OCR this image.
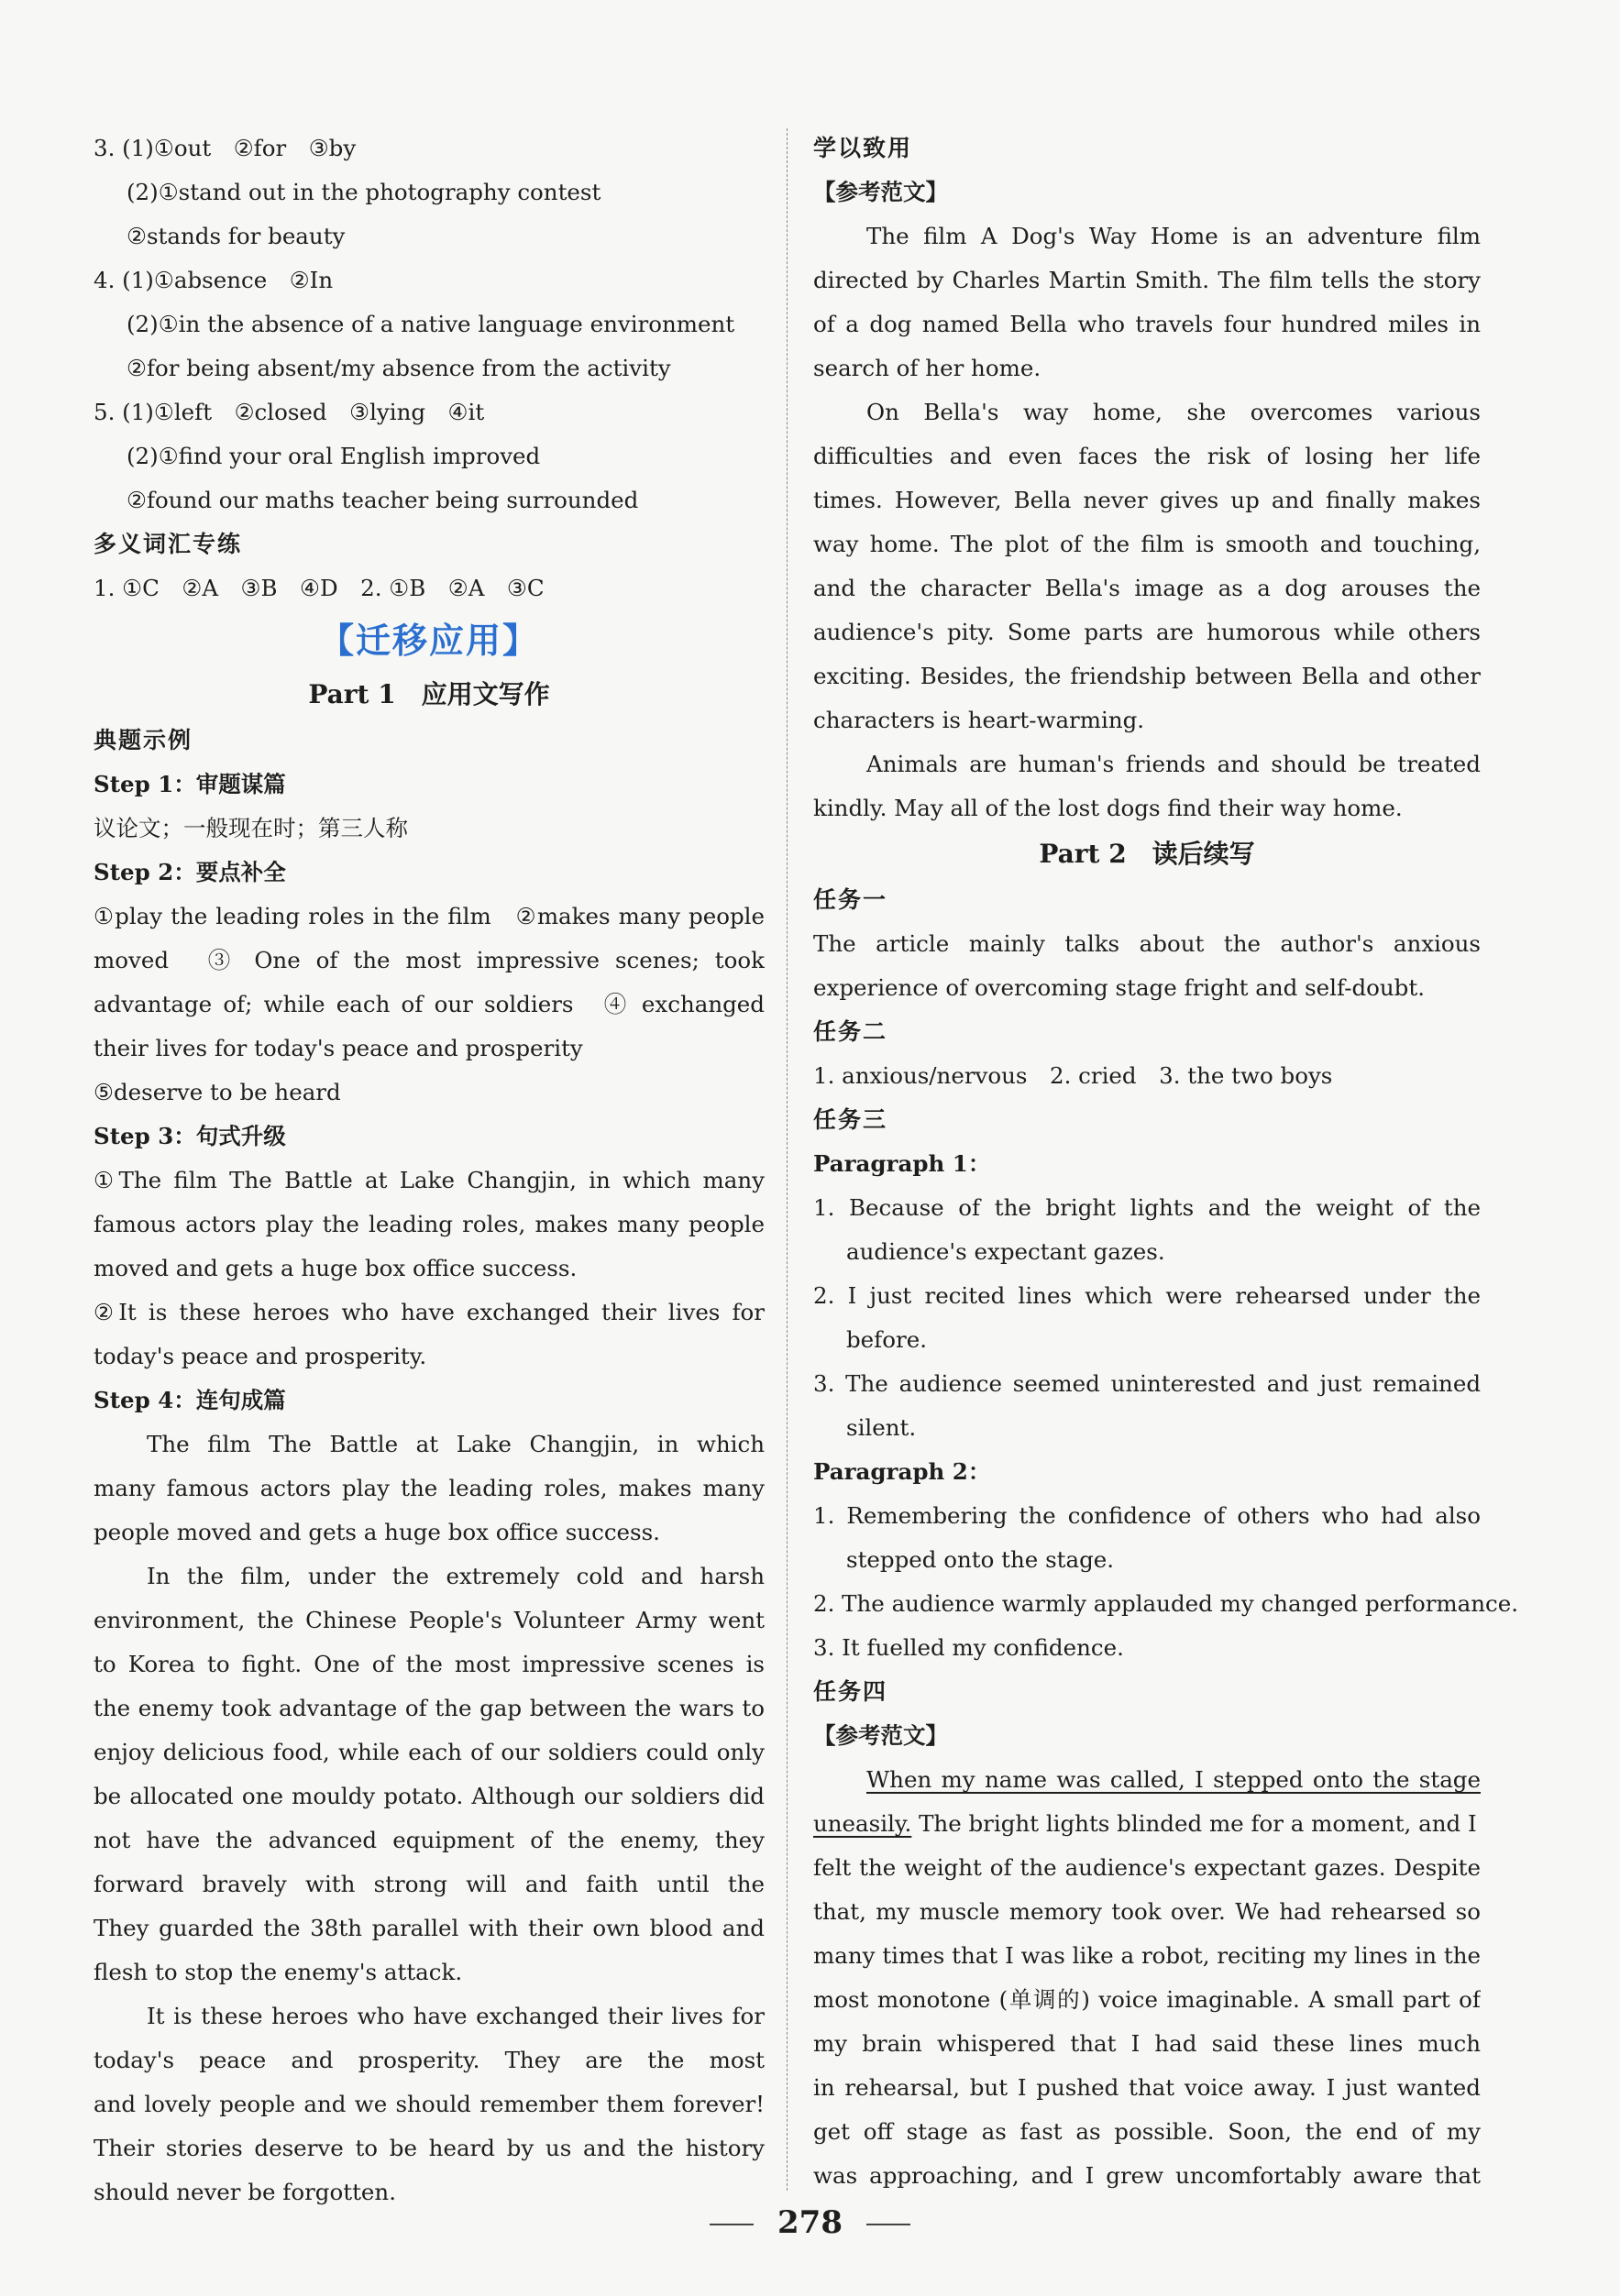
3. (1)①out　②for　③by
(2)①stand out in the photography contest
②stands for beauty
4. (1)①absence　②In
(2)①in the absence of a native language environment
②for being absent/my absence from the activity
5. (1)①left　②closed　③lying　④it
(2)①find your oral English improved
②found our maths teacher being surrounded
多义词汇专练
1. ①C　②A　③B　④D　2. ①B　②A　③C
【迁移应用】
Part 1　应用文写作
典题示例
Step 1：审题谋篇
议论文；一般现在时；第三人称
Step 2：要点补全
①play the leading roles in the film　②makes many people
moved　③ One of the most impressive scenes; took
advantage of; while each of our soldiers　④ exchanged
their lives for today's peace and prosperity
⑤deserve to be heard
Step 3：句式升级
①The film The Battle at Lake Changjin, in which many
famous actors play the leading roles, makes many people
moved and gets a huge box office success.
②It is these heroes who have exchanged their lives for
today's peace and prosperity.
Step 4：连句成篇
The film The Battle at Lake Changjin, in which
many famous actors play the leading roles, makes many
people moved and gets a huge box office success.
In the film, under the extremely cold and harsh
environment, the Chinese People's Volunteer Army went
to Korea to fight. One of the most impressive scenes is
the enemy took advantage of the gap between the wars to
enjoy delicious food, while each of our soldiers could only
be allocated one mouldy potato. Although our soldiers did
not have the advanced equipment of the enemy, they
forward bravely with strong will and faith until the
They guarded the 38th parallel with their own blood and
flesh to stop the enemy's attack.
It is these heroes who have exchanged their lives for
today's peace and prosperity. They are the most
and lovely people and we should remember them forever!
Their stories deserve to be heard by us and the history
should never be forgotten.
学以致用
【参考范文】
The film A Dog's Way Home is an adventure film
directed by Charles Martin Smith. The film tells the story
of a dog named Bella who travels four hundred miles in
search of her home.
On Bella's way home, she overcomes various
difficulties and even faces the risk of losing her life
times. However, Bella never gives up and finally makes
way home. The plot of the film is smooth and touching,
and the character Bella's image as a dog arouses the
audience's pity. Some parts are humorous while others
exciting. Besides, the friendship between Bella and other
characters is heart-warming.
Animals are human's friends and should be treated
kindly. May all of the lost dogs find their way home.
Part 2　读后续写
任务一
The article mainly talks about the author's anxious
experience of overcoming stage fright and self-doubt.
任务二
1. anxious/nervous　2. cried　3. the two boys
任务三
Paragraph 1：
1. Because of the bright lights and the weight of the
audience's expectant gazes.
2. I just recited lines which were rehearsed under the
before.
3. The audience seemed uninterested and just remained
silent.
Paragraph 2：
1. Remembering the confidence of others who had also
stepped onto the stage.
2. The audience warmly applauded my changed performance.
3. It fuelled my confidence.
任务四
【参考范文】
When my name was called, I stepped onto the stage
uneasily. The bright lights blinded me for a moment, and I
felt the weight of the audience's expectant gazes. Despite
that, my muscle memory took over. We had rehearsed so
many times that I was like a robot, reciting my lines in the
most monotone (单调的) voice imaginable. A small part of
my brain whispered that I had said these lines much
in rehearsal, but I pushed that voice away. I just wanted
get off stage as fast as possible. Soon, the end of my
was approaching, and I grew uncomfortably aware that
278
